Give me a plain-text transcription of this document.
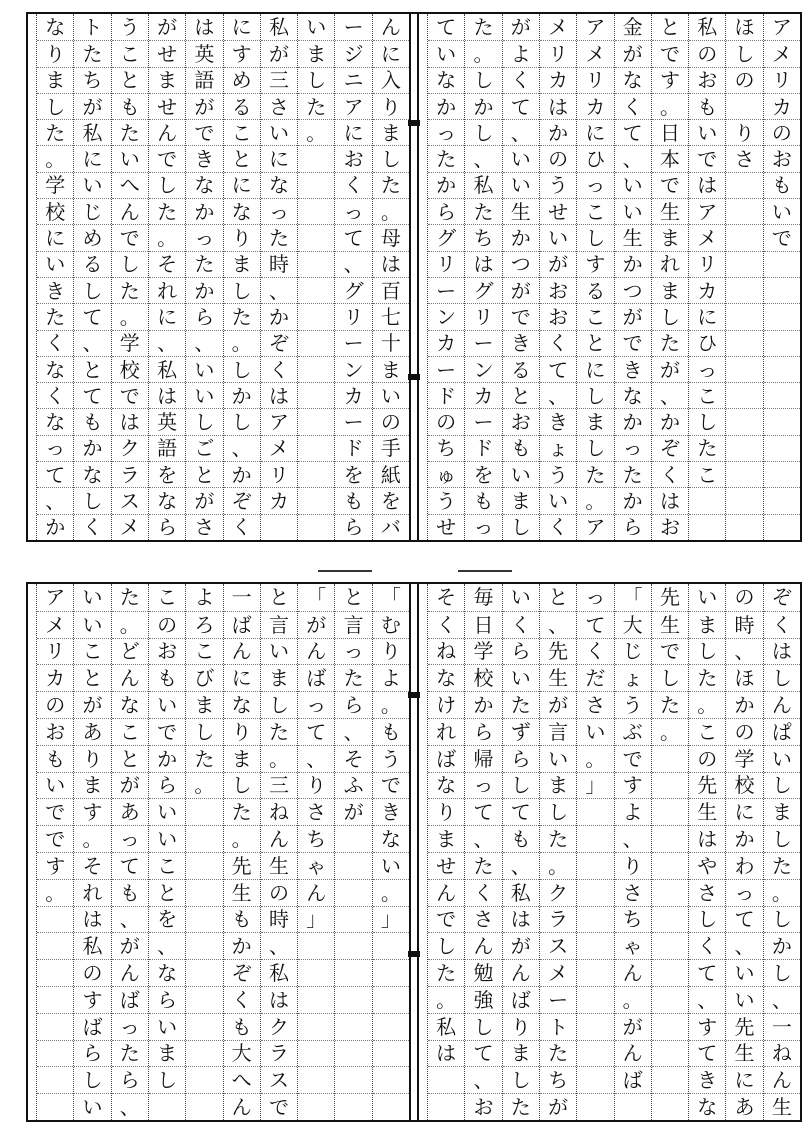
ア
メ
リ
カ
の
お
も
い
で
ほ
し
の
り
さ
私
の
お
も
い
で
は
ア
メ
リ
カ
に
ひ
っ
こ
し
た
こ
と
で
す
。
日
本
で
生
ま
れ
ま
し
た
が
、
か
ぞ
く
は
お
金
が
な
く
て
、
い
い
生
か
つ
が
で
き
な
か
っ
た
か
ら
ア
メ
リ
カ
に
ひ
っ
こ
し
す
る
こ
と
に
し
ま
し
た
。
ア
メ
リ
カ
は
か
の
う
せ
い
が
お
お
く
て
、
き
ょ
う
い
く
が
よ
く
て
、
い
い
生
か
つ
が
で
き
る
と
お
も
い
ま
し
た
。
し
か
し
、
私
た
ち
は
グ
リ
ー
ン
カ
ー
ド
を
も
っ
て
い
な
か
っ
た
か
ら
グ
リ
ー
ン
カ
ー
ド
の
ち
ゅ
う
せ
ん
に
入
り
ま
し
た
。
母
は
百
七
十
ま
い
の
手
紙
を
バ
ー
ジ
ニ
ア
に
お
く
っ
て
、
グ
リ
ー
ン
カ
ー
ド
を
も
ら
い
ま
し
た
。
私
が
三
さ
い
に
な
っ
た
時
、
か
ぞ
く
は
ア
メ
リ
カ
に
す
め
る
こ
と
に
な
り
ま
し
た
。
し
か
し
、
か
ぞ
く
は
英
語
が
で
き
な
か
っ
た
か
ら
、
い
い
し
ご
と
が
さ
が
せ
ま
せ
ん
で
し
た
。
そ
れ
に
、
私
は
英
語
を
な
ら
う
こ
と
も
た
い
へ
ん
で
し
た
。
学
校
で
は
ク
ラ
ス
メ
ト
た
ち
が
私
に
い
じ
め
る
し
て
、
と
て
も
か
な
し
く
な
り
ま
し
た
。
学
校
に
い
き
た
く
な
く
な
っ
て
、
か
ぞ
く
は
し
ん
ぱ
い
し
ま
し
た
。
し
か
し
、
一
ね
ん
生
の
時
、
ほ
か
の
学
校
に
か
わ
っ
て
、
い
い
先
生
に
あ
い
ま
し
た
。
こ
の
先
生
は
や
さ
し
く
て
、
す
て
き
な
先
生
で
し
た
。
「
大
じ
ょ
う
ぶ
で
す
よ
、
り
さ
ち
ゃ
ん
。
が
ん
ば
っ
て
く
だ
さ
い
。
」
と
、
先
生
が
言
い
ま
し
た
。
ク
ラ
ス
メ
ー
ト
た
ち
が
い
く
ら
い
た
ず
ら
し
て
も
、
私
は
が
ん
ば
り
ま
し
た
毎
日
学
校
か
ら
帰
っ
て
、
た
く
さ
ん
勉
強
し
て
、
お
そ
く
ね
な
け
れ
ば
な
り
ま
せ
ん
で
し
た
。
私
は
「
む
り
よ
。
も
う
で
き
な
い
。
」
と
言
っ
た
ら
、
そ
ふ
が
「
が
ん
ば
っ
て
、
り
さ
ち
ゃ
ん
」
と
言
い
ま
し
た
。
三
ね
ん
生
の
時
、
私
は
ク
ラ
ス
で
一
ば
ん
に
な
り
ま
し
た
。
先
生
も
か
ぞ
く
も
大
へ
ん
よ
ろ
こ
び
ま
し
た
。
こ
の
お
も
い
で
か
ら
い
い
こ
と
を
、
な
ら
い
ま
し
た
。
ど
ん
な
こ
と
が
あ
っ
て
も
、
が
ん
ば
っ
た
ら
、
い
い
こ
と
が
あ
り
ま
す
。
そ
れ
は
私
の
す
ば
ら
し
い
ア
メ
リ
カ
の
お
も
い
で
で
す
。
